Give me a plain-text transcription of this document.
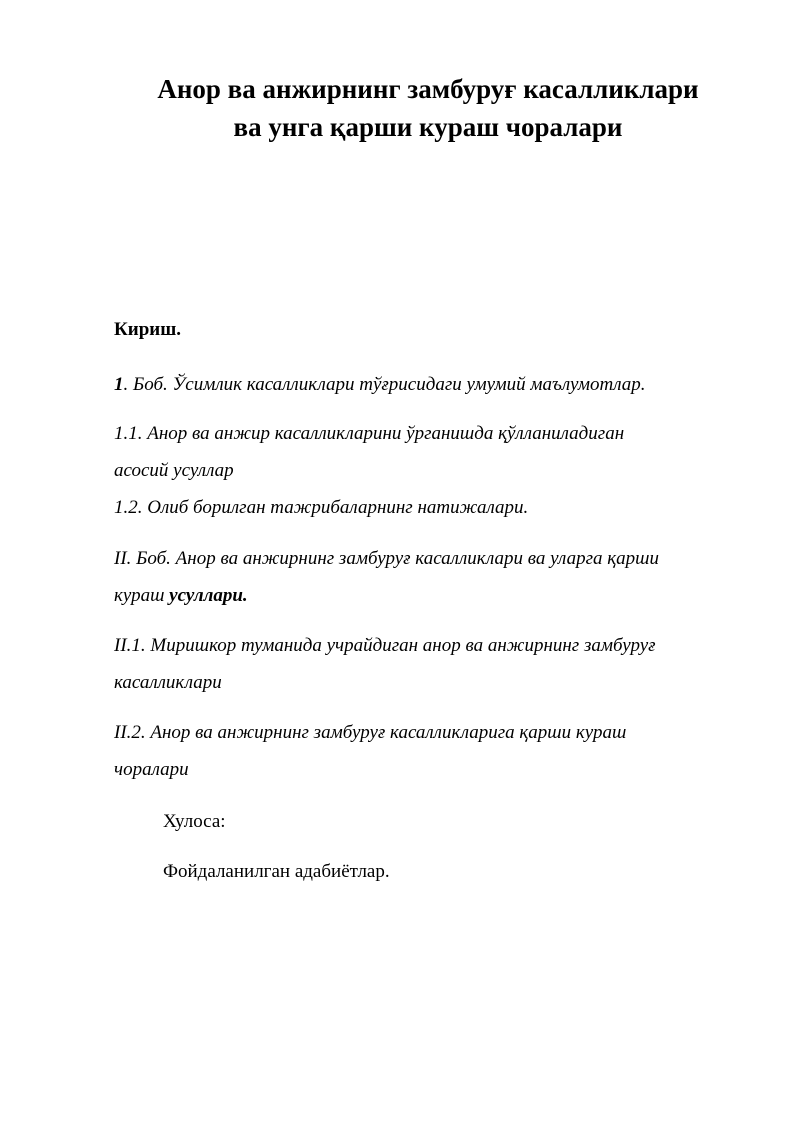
Анор ва анжирнинг замбуруғ касалликлари
ва унга қарши кураш чоралари
Кириш.
1. Боб. Ўсимлик касалликлари тўғрисидаги умумий маълумотлар.
1.1. Анор ва анжир касалликларини ўрганишда қўлланиладиган
асосий усуллар
1.2. Олиб борилган тажрибаларнинг натижалари.
II. Боб. Анор ва анжирнинг замбуруғ касалликлари ва уларга қарши
кураш усуллари.
II.1. Миришкор туманида учрайдиган анор ва анжирнинг замбуруғ
касалликлари
II.2. Анор ва анжирнинг замбуруғ касалликларига қарши кураш
чоралари
Хулоса:
Фойдаланилган адабиётлар.
